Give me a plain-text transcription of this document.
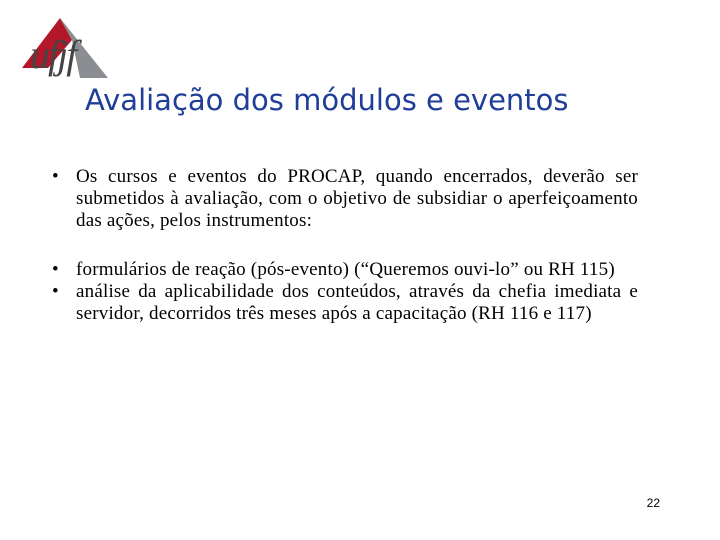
ufjf
Avaliação dos módulos e eventos
• Os cursos e eventos do PROCAP, quando encerrados, deverão ser submetidos à avaliação, com o objetivo de subsidiar o aperfeiçoamento das ações, pelos instrumentos:
• formulários de reação (pós-evento) (“Queremos ouvi-lo” ou RH 115)
• análise da aplicabilidade dos conteúdos, através da chefia imediata e servidor, decorridos três meses após a capacitação (RH 116 e 117)
22
